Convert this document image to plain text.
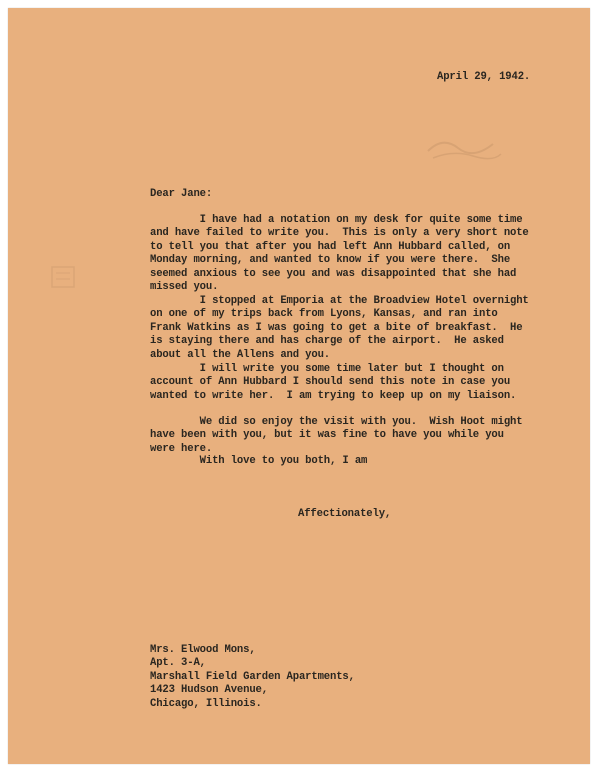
April 29, 1942.
Dear Jane:
I have had a notation on my desk for quite some time
and have failed to write you.  This is only a very short note
to tell you that after you had left Ann Hubbard called, on
Monday morning, and wanted to know if you were there.  She
seemed anxious to see you and was disappointed that she had
missed you.
I stopped at Emporia at the Broadview Hotel overnight
on one of my trips back from Lyons, Kansas, and ran into
Frank Watkins as I was going to get a bite of breakfast.  He
is staying there and has charge of the airport.  He asked
about all the Allens and you.
I will write you some time later but I thought on
account of Ann Hubbard I should send this note in case you
wanted to write her.  I am trying to keep up on my liaison.
We did so enjoy the visit with you.  Wish Hoot might
have been with you, but it was fine to have you while you
were here.
With love to you both, I am
Affectionately,
Mrs. Elwood Mons,
Apt. 3-A,
Marshall Field Garden Apartments,
1423 Hudson Avenue,
Chicago, Illinois.
